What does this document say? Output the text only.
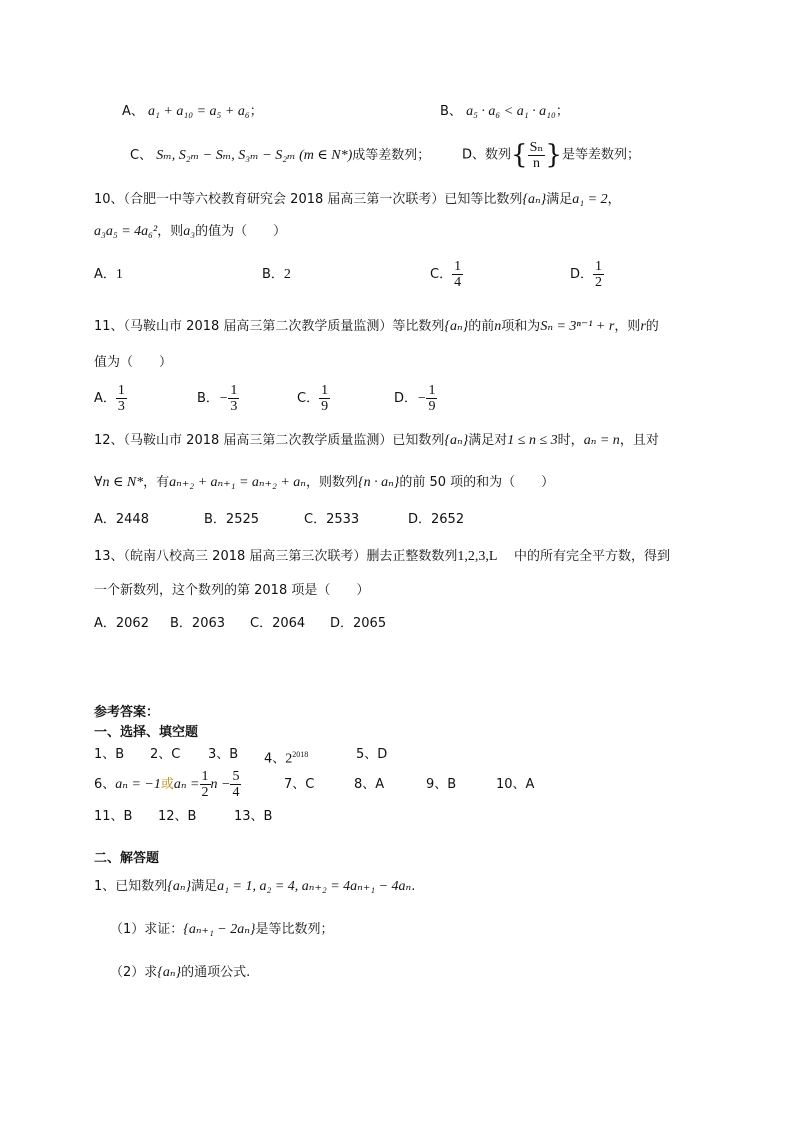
A、 a₁ + a₁₀ = a₅ + a₆；	B、 a₅ · a₆ < a₁ · a₁₀；
C、 Sₘ, S₂ₘ − Sₘ, S₃ₘ − S₂ₘ (m ∈ N*)成等差数列； D、数列{ $\frac{\text{Sₙ}}{n}$ }是等差数列；
10、（合肥一中等六校教育研究会 2018 届高三第一次联考）已知等比数列{aₙ}满足a₁ = 2，
a₃a₅ = 4a₆²，则a₃的值为（　　）
A．1	B．2	C． $\frac{1}{4}$	D． $\frac{1}{2}$
11、（马鞍山市 2018 届高三第二次教学质量监测）等比数列{aₙ}的前n项和为Sₙ = 3ⁿ⁻¹ + r，则r的
值为（　　）
A． $\frac{1}{3}$	B．− $\frac{1}{3}$	C． $\frac{1}{9}$	D．− $\frac{1}{9}$
12、（马鞍山市 2018 届高三第二次教学质量监测）已知数列{aₙ}满足对1 ≤ n ≤ 3时，aₙ = n，且对
∀n ∈ N*，有aₙ₊₂ + aₙ₊₁ = aₙ₊₂ + aₙ，则数列{n · aₙ}的前 50 项的和为（　　）
A．2448	B．2525	C．2533	D．2652
13、（皖南八校高三 2018 届高三第三次联考）删去正整数数列1,2,3,L 中的所有完全平方数，得到
一个新数列，这个数列的第 2018 项是（　　）
A．2062 B．2063 C．2064 D．2065
参考答案：
一、选择、填空题
1、B 2、C 3、B 4、$2^{2018}$	5、D
6、aₙ = −1或$a_n = \frac{1}{2}$ $n - \frac{5}{4}$	7、C	8、A	9、B	10、A
11、B 12、B	13、B
二、解答题
1、已知数列{aₙ}满足a₁ = 1, a₂ = 4, aₙ₊₂ = 4aₙ₊₁ − 4aₙ.
（1）求证：{aₙ₊₁ − 2aₙ}是等比数列；
（2）求{aₙ}的通项公式.
